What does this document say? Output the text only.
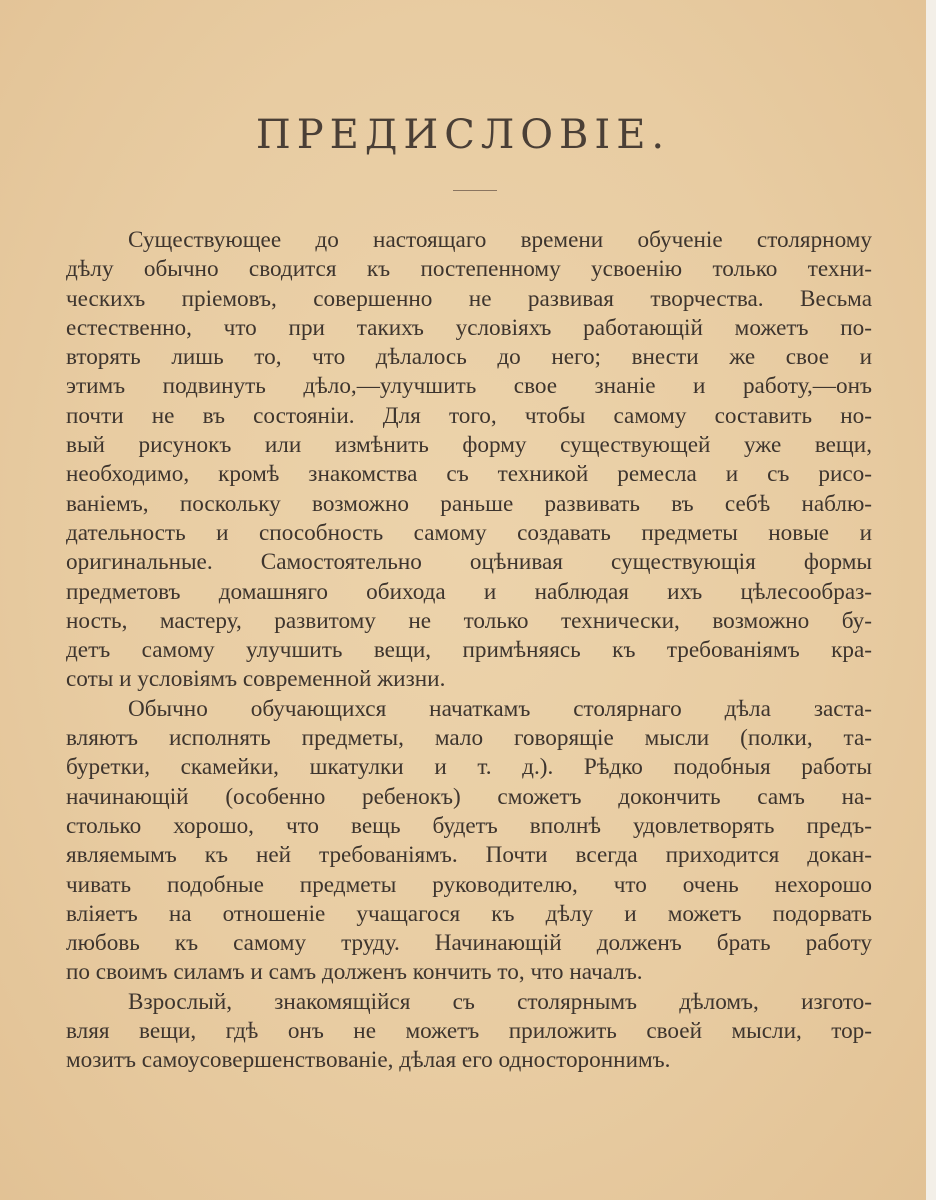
ПРЕДИСЛОВІЕ.
Существующее до настоящаго времени обученіе столярному
дѣлу обычно сводится къ постепенному усвоенію только техни-
ческихъ пріемовъ, совершенно не развивая творчества. Весьма
естественно, что при такихъ условіяхъ работающій можетъ по-
вторять лишь то, что дѣлалось до него; внести же свое и
этимъ подвинуть дѣло,—улучшить свое знаніе и работу,—онъ
почти не въ состояніи. Для того, чтобы самому составить но-
вый рисунокъ или измѣнить форму существующей уже вещи,
необходимо, кромѣ знакомства съ техникой ремесла и съ рисо-
ваніемъ, поскольку возможно раньше развивать въ себѣ наблю-
дательность и способность самому создавать предметы новые и
оригинальные. Самостоятельно оцѣнивая существующія формы
предметовъ домашняго обихода и наблюдая ихъ цѣлесообраз-
ность, мастеру, развитому не только технически, возможно бу-
детъ самому улучшить вещи, примѣняясь къ требованіямъ кра-
соты и условіямъ современной жизни.
Обычно обучающихся начаткамъ столярнаго дѣла заста-
вляютъ исполнять предметы, мало говорящіе мысли (полки, та-
буретки, скамейки, шкатулки и т. д.). Рѣдко подобныя работы
начинающій (особенно ребенокъ) сможетъ докончить самъ на-
столько хорошо, что вещь будетъ вполнѣ удовлетворять предъ-
являемымъ къ ней требованіямъ. Почти всегда приходится докан-
чивать подобные предметы руководителю, что очень нехорошо
вліяетъ на отношеніе учащагося къ дѣлу и можетъ подорвать
любовь къ самому труду. Начинающій долженъ брать работу
по своимъ силамъ и самъ долженъ кончить то, что началъ.
Взрослый, знакомящійся съ столярнымъ дѣломъ, изгото-
вляя вещи, гдѣ онъ не можетъ приложить своей мысли, тор-
мозитъ самоусовершенствованіе, дѣлая его одностороннимъ.
